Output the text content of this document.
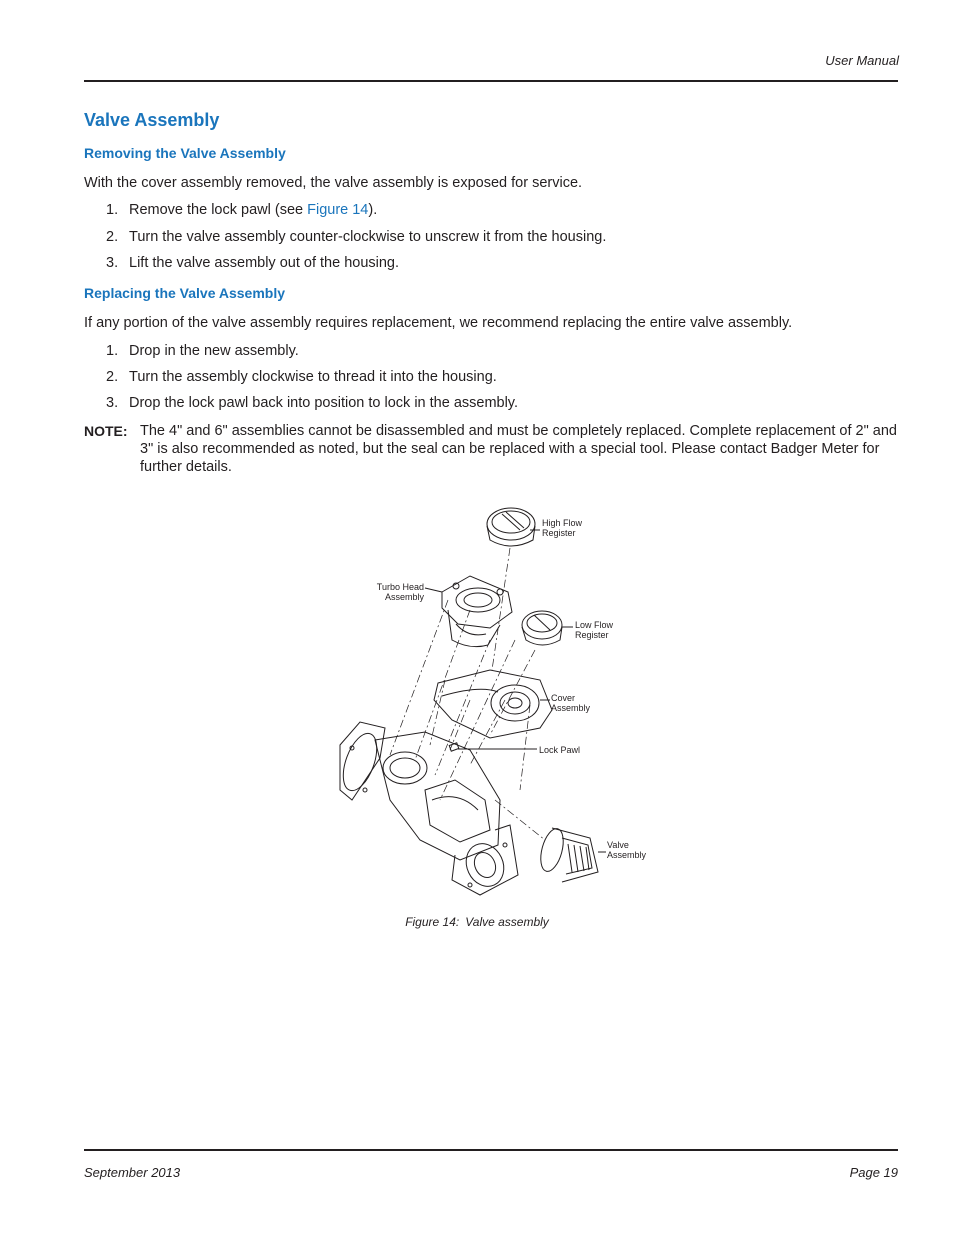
User Manual
Valve Assembly
Removing the Valve Assembly

With the cover assembly removed, the valve assembly is exposed for service.

1. Remove the lock pawl (see Figure 14).
2. Turn the valve assembly counter-clockwise to unscrew it from the housing.
3. Lift the valve assembly out of the housing.
Replacing the Valve Assembly

If any portion of the valve assembly requires replacement, we recommend replacing the entire valve assembly.

1. Drop in the new assembly.
2. Turn the assembly clockwise to thread it into the housing.
3. Drop the lock pawl back into position to lock in the assembly.
NOTE: The 4" and 6" assemblies cannot be disassembled and must be completely replaced. Complete replacement of 2" and 3" is also recommended as noted, but the seal can be replaced with a special tool. Please contact Badger Meter for further details.
High Flow
Register
Turbo Head
Assembly
Low Flow
Register
Cover
Assembly
Lock Pawl
Valve
Assembly
Figure 14: Valve assembly
September 2013	Page 19
